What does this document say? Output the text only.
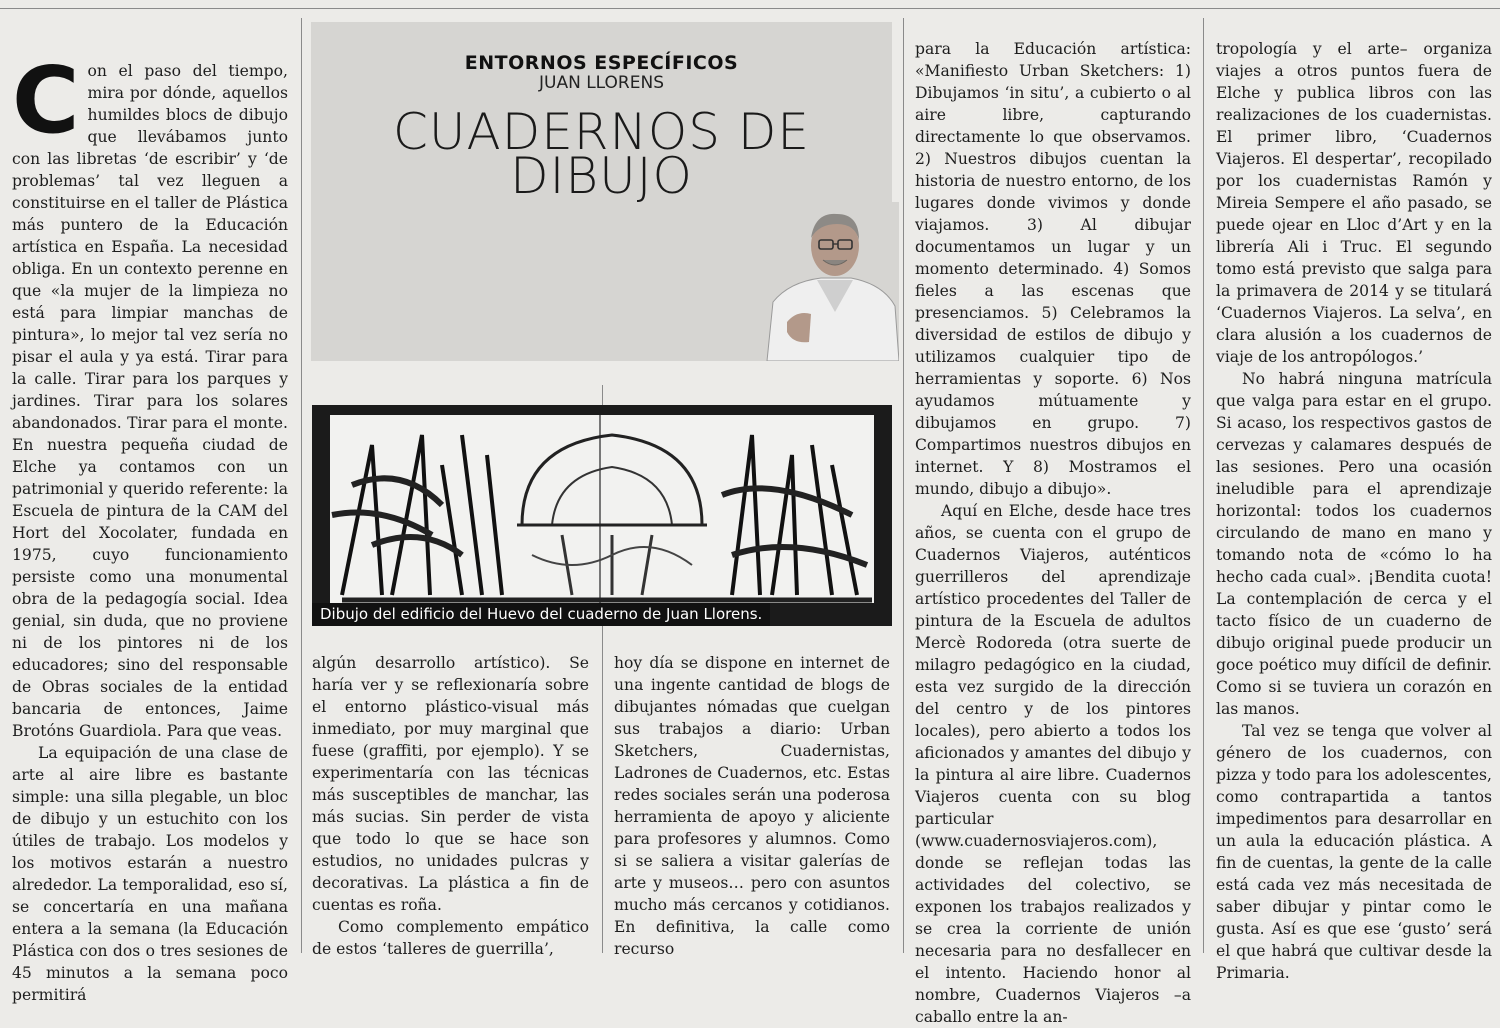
Con el paso del tiempo, mira por dónde, aquellos humildes blocs de dibujo que llevábamos junto con las libretas ‘de escribir’ y ‘de problemas’ tal vez lleguen a constituirse en el taller de Plástica más puntero de la Educación artística en España. La necesidad obliga. En un contexto perenne en que «la mujer de la limpieza no está para limpiar manchas de pintura», lo mejor tal vez sería no pisar el aula y ya está. Tirar para la calle. Tirar para los parques y jardines. Tirar para los solares abandonados. Tirar para el monte. En nuestra pequeña ciudad de Elche ya contamos con un patrimonial y querido referente: la Escuela de pintura de la CAM del Hort del Xocolater, fundada en 1975, cuyo funcionamiento persiste como una monumental obra de la pedagogía social. Idea genial, sin duda, que no proviene ni de los pintores ni de los educadores; sino del responsable de Obras sociales de la entidad bancaria de entonces, Jaime Brotóns Guardiola. Para que veas.

La equipación de una clase de arte al aire libre es bastante simple: una silla plegable, un bloc de dibujo y un estuchito con los útiles de trabajo. Los modelos y los motivos estarán a nuestro alrededor. La temporalidad, eso sí, se concertaría en una mañana entera a la semana (la Educación Plástica con dos o tres sesiones de 45 minutos a la semana poco permitirá

ENTORNOS ESPECÍFICOS
JUAN LLORENS
CUADERNOS DE
DIBUJO
Dibujo del edificio del Huevo del cuaderno de Juan Llorens.

algún desarrollo artístico). Se haría ver y se reflexionaría sobre el entorno plástico-visual más inmediato, por muy marginal que fuese (graffiti, por ejemplo). Y se experimentaría con las técnicas más susceptibles de manchar, las más sucias. Sin perder de vista que todo lo que se hace son estudios, no unidades pulcras y decorativas. La plástica a fin de cuentas es roña.

Como complemento empático de estos ‘talleres de guerrilla’,

hoy día se dispone en internet de una ingente cantidad de blogs de dibujantes nómadas que cuelgan sus trabajos a diario: Urban Sketchers, Cuadernistas, Ladrones de Cuadernos, etc. Estas redes sociales serán una poderosa herramienta de apoyo y aliciente para profesores y alumnos. Como si se saliera a visitar galerías de arte y museos… pero con asuntos mucho más cercanos y cotidianos. En definitiva, la calle como recurso

para la Educación artística: «Manifiesto Urban Sketchers: 1) Dibujamos ‘in situ’, a cubierto o al aire libre, capturando directamente lo que observamos. 2) Nuestros dibujos cuentan la historia de nuestro entorno, de los lugares donde vivimos y donde viajamos. 3) Al dibujar documentamos un lugar y un momento determinado. 4) Somos fieles a las escenas que presenciamos. 5) Celebramos la diversidad de estilos de dibujo y utilizamos cualquier tipo de herramientas y soporte. 6) Nos ayudamos mútuamente y dibujamos en grupo. 7) Compartimos nuestros dibujos en internet. Y 8) Mostramos el mundo, dibujo a dibujo».

Aquí en Elche, desde hace tres años, se cuenta con el grupo de Cuadernos Viajeros, auténticos guerrilleros del aprendizaje artístico procedentes del Taller de pintura de la Escuela de adultos Mercè Rodoreda (otra suerte de milagro pedagógico en la ciudad, esta vez surgido de la dirección del centro y de los pintores locales), pero abierto a todos los aficionados y amantes del dibujo y la pintura al aire libre. Cuadernos Viajeros cuenta con su blog particular (www.cuadernosviajeros.com), donde se reflejan todas las actividades del colectivo, se exponen los trabajos realizados y se crea la corriente de unión necesaria para no desfallecer en el intento. Haciendo honor al nombre, Cuadernos Viajeros –a caballo entre la an-

tropología y el arte– organiza viajes a otros puntos fuera de Elche y publica libros con las realizaciones de los cuadernistas. El primer libro, ‘Cuadernos Viajeros. El despertar’, recopilado por los cuadernistas Ramón y Mireia Sempere el año pasado, se puede ojear en Lloc d’Art y en la librería Ali i Truc. El segundo tomo está previsto que salga para la primavera de 2014 y se titulará ‘Cuadernos Viajeros. La selva’, en clara alusión a los cuadernos de viaje de los antropólogos.’

No habrá ninguna matrícula que valga para estar en el grupo. Si acaso, los respectivos gastos de cervezas y calamares después de las sesiones. Pero una ocasión ineludible para el aprendizaje horizontal: todos los cuadernos circulando de mano en mano y tomando nota de «cómo lo ha hecho cada cual». ¡Bendita cuota! La contemplación de cerca y el tacto físico de un cuaderno de dibujo original puede producir un goce poético muy difícil de definir. Como si se tuviera un corazón en las manos.

Tal vez se tenga que volver al género de los cuadernos, con pizza y todo para los adolescentes, como contrapartida a tantos impedimentos para desarrollar en un aula la educación plástica. A fin de cuentas, la gente de la calle está cada vez más necesitada de saber dibujar y pintar como le gusta. Así es que ese ‘gusto’ será el que habrá que cultivar desde la Primaria.
